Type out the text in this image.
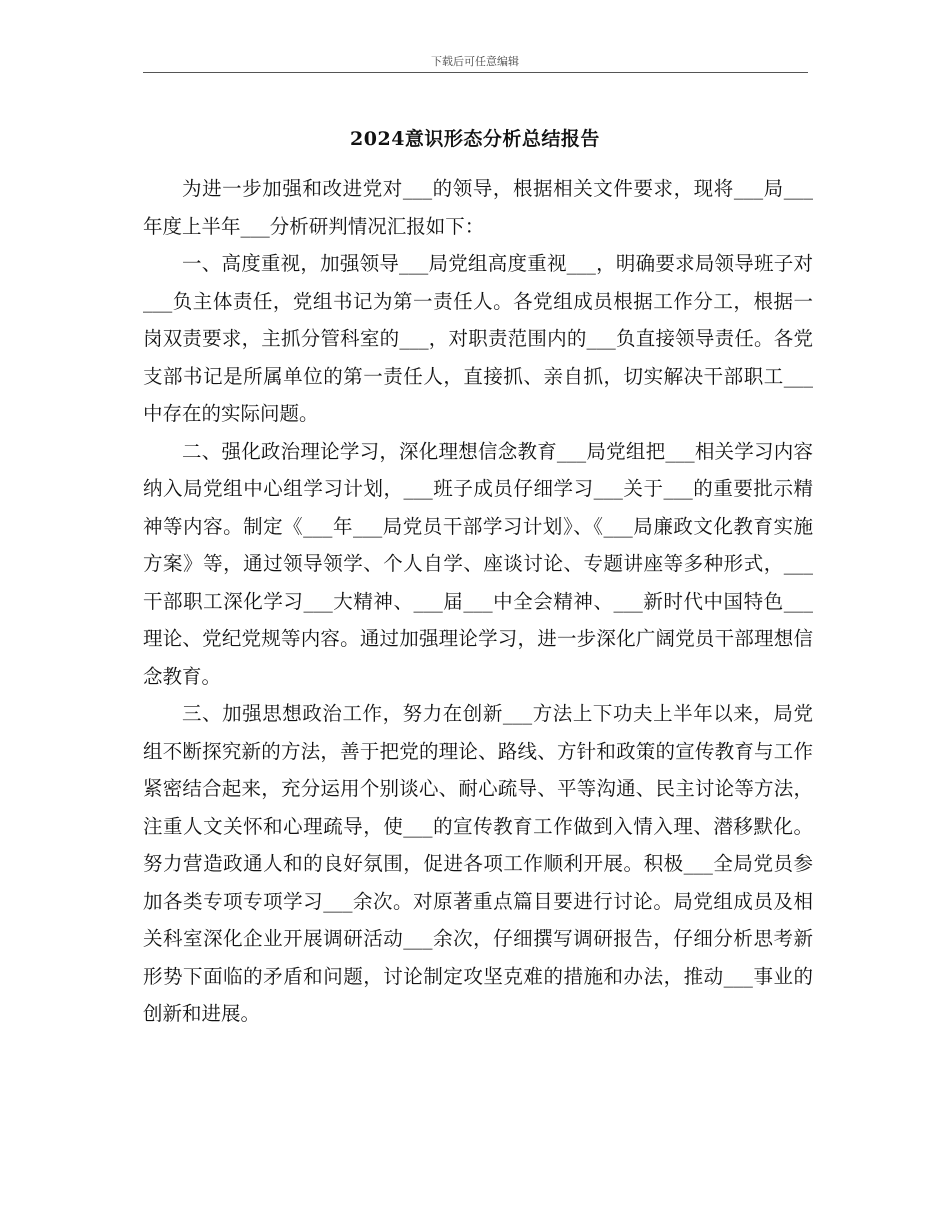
下载后可任意编辑
2024意识形态分析总结报告

为进一步加强和改进党对___的领导，根据相关文件要求，现将___局___年度上半年___分析研判情况汇报如下：

一、高度重视，加强领导___局党组高度重视___，明确要求局领导班子对___负主体责任，党组书记为第一责任人。各党组成员根据工作分工，根据一岗双责要求，主抓分管科室的___，对职责范围内的___负直接领导责任。各党支部书记是所属单位的第一责任人，直接抓、亲自抓，切实解决干部职工___中存在的实际问题。

二、强化政治理论学习，深化理想信念教育___局党组把___相关学习内容纳入局党组中心组学习计划，___班子成员仔细学习___关于___的重要批示精神等内容。制定《___年___局党员干部学习计划》、《___局廉政文化教育实施方案》等，通过领导领学、个人自学、座谈讨论、专题讲座等多种形式，___干部职工深化学习___大精神、___届___中全会精神、___新时代中国特色___理论、党纪党规等内容。通过加强理论学习，进一步深化广阔党员干部理想信念教育。

三、加强思想政治工作，努力在创新___方法上下功夫上半年以来，局党组不断探究新的方法，善于把党的理论、路线、方针和政策的宣传教育与工作紧密结合起来，充分运用个别谈心、耐心疏导、平等沟通、民主讨论等方法，注重人文关怀和心理疏导，使___的宣传教育工作做到入情入理、潜移默化。努力营造政通人和的良好氛围，促进各项工作顺利开展。积极___全局党员参加各类专项专项学习___余次。对原著重点篇目要进行讨论。局党组成员及相关科室深化企业开展调研活动___余次，仔细撰写调研报告，仔细分析思考新形势下面临的矛盾和问题，讨论制定攻坚克难的措施和办法，推动___事业的创新和进展。
